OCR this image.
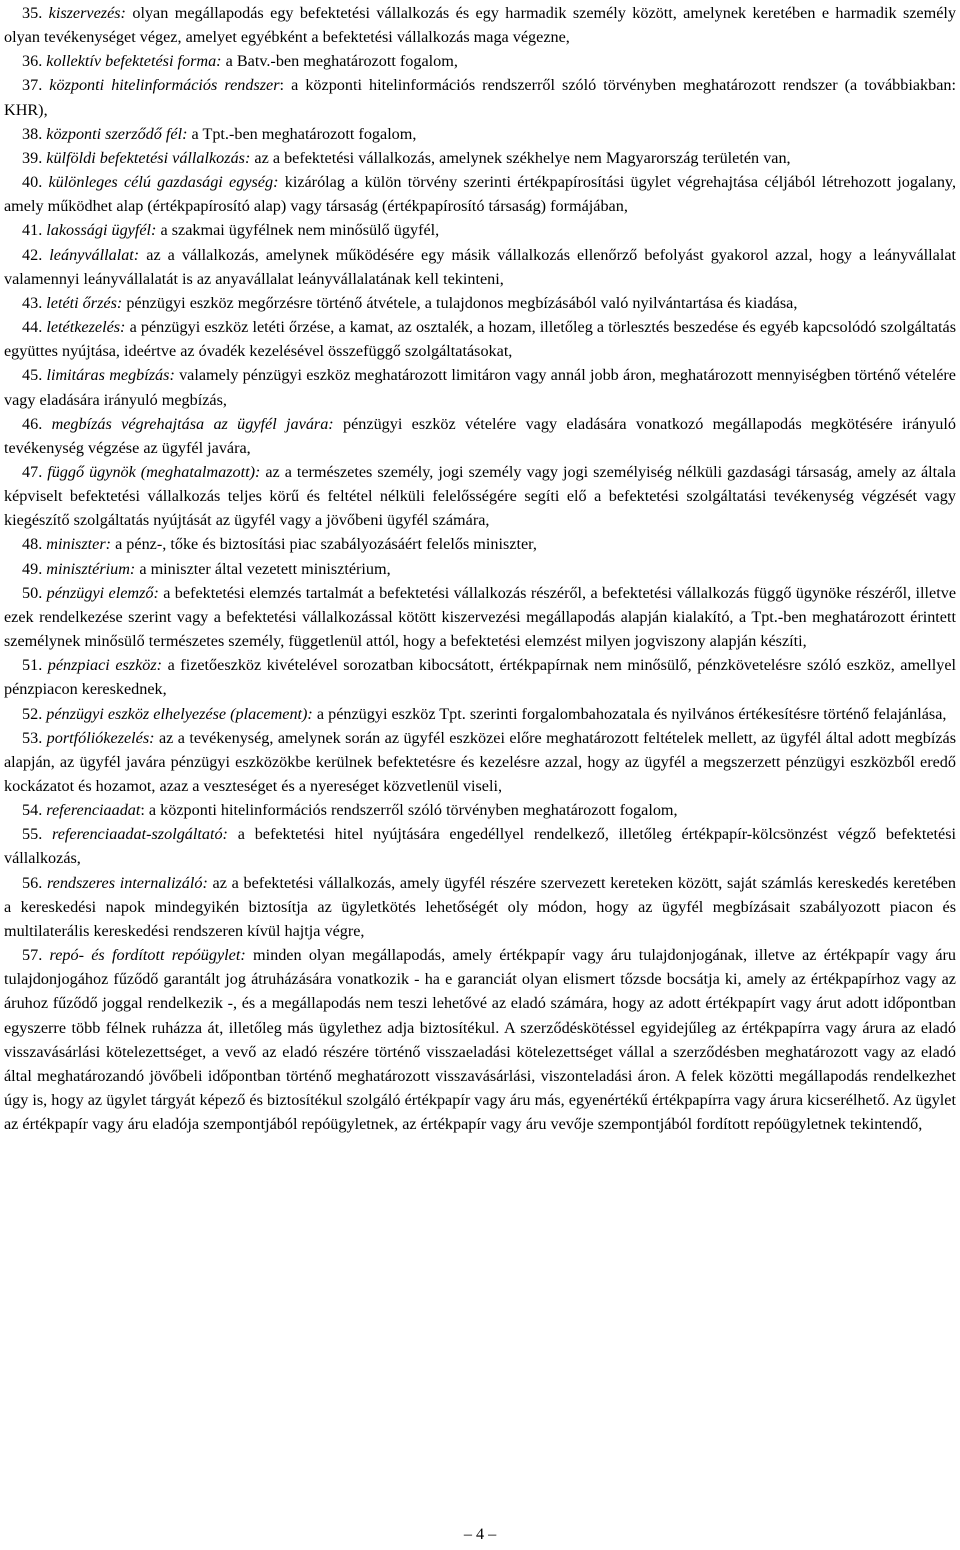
35. kiszervezés: olyan megállapodás egy befektetési vállalkozás és egy harmadik személy között, amelynek keretében e harmadik személy olyan tevékenységet végez, amelyet egyébként a befektetési vállalkozás maga végezne,

36. kollektív befektetési forma: a Batv.-ben meghatározott fogalom,

37. központi hitelinformációs rendszer: a központi hitelinformációs rendszerről szóló törvényben meghatározott rendszer (a továbbiakban: KHR),

38. központi szerződő fél: a Tpt.-ben meghatározott fogalom,

39. külföldi befektetési vállalkozás: az a befektetési vállalkozás, amelynek székhelye nem Magyarország területén van,

40. különleges célú gazdasági egység: kizárólag a külön törvény szerinti értékpapírosítási ügylet végrehajtása céljából létrehozott jogalany, amely működhet alap (értékpapírosító alap) vagy társaság (értékpapírosító társaság) formájában,

41. lakossági ügyfél: a szakmai ügyfélnek nem minősülő ügyfél,

42. leányvállalat: az a vállalkozás, amelynek működésére egy másik vállalkozás ellenőrző befolyást gyakorol azzal, hogy a leányvállalat valamennyi leányvállalatát is az anyavállalat leányvállalatának kell tekinteni,

43. letéti őrzés: pénzügyi eszköz megőrzésre történő átvétele, a tulajdonos megbízásából való nyilvántartása és kiadása,

44. letétkezelés: a pénzügyi eszköz letéti őrzése, a kamat, az osztalék, a hozam, illetőleg a törlesztés beszedése és egyéb kapcsolódó szolgáltatás együttes nyújtása, ideértve az óvadék kezelésével összefüggő szolgáltatásokat,

45. limitáras megbízás: valamely pénzügyi eszköz meghatározott limitáron vagy annál jobb áron, meghatározott mennyiségben történő vételére vagy eladására irányuló megbízás,

46. megbízás végrehajtása az ügyfél javára: pénzügyi eszköz vételére vagy eladására vonatkozó megállapodás megkötésére irányuló tevékenység végzése az ügyfél javára,

47. függő ügynök (meghatalmazott): az a természetes személy, jogi személy vagy jogi személyiség nélküli gazdasági társaság, amely az általa képviselt befektetési vállalkozás teljes körű és feltétel nélküli felelősségére segíti elő a befektetési szolgáltatási tevékenység végzését vagy kiegészítő szolgáltatás nyújtását az ügyfél vagy a jövőbeni ügyfél számára,

48. miniszter: a pénz-, tőke és biztosítási piac szabályozásáért felelős miniszter,

49. minisztérium: a miniszter által vezetett minisztérium,

50. pénzügyi elemző: a befektetési elemzés tartalmát a befektetési vállalkozás részéről, a befektetési vállalkozás függő ügynöke részéről, illetve ezek rendelkezése szerint vagy a befektetési vállalkozással kötött kiszervezési megállapodás alapján kialakító, a Tpt.-ben meghatározott érintett személynek minősülő természetes személy, függetlenül attól, hogy a befektetési elemzést milyen jogviszony alapján készíti,

51. pénzpiaci eszköz: a fizetőeszköz kivételével sorozatban kibocsátott, értékpapírnak nem minősülő, pénzkövetelésre szóló eszköz, amellyel pénzpiacon kereskednek,

52. pénzügyi eszköz elhelyezése (placement): a pénzügyi eszköz Tpt. szerinti forgalombahozatala és nyilvános értékesítésre történő felajánlása,

53. portfóliókezelés: az a tevékenység, amelynek során az ügyfél eszközei előre meghatározott feltételek mellett, az ügyfél által adott megbízás alapján, az ügyfél javára pénzügyi eszközökbe kerülnek befektetésre és kezelésre azzal, hogy az ügyfél a megszerzett pénzügyi eszközből eredő kockázatot és hozamot, azaz a veszteséget és a nyereséget közvetlenül viseli,

54. referenciaadat: a központi hitelinformációs rendszerről szóló törvényben meghatározott fogalom,

55. referenciaadat-szolgáltató: a befektetési hitel nyújtására engedéllyel rendelkező, illetőleg értékpapír-kölcsönzést végző befektetési vállalkozás,

56. rendszeres internalizáló: az a befektetési vállalkozás, amely ügyfél részére szervezett kereteken között, saját számlás kereskedés keretében a kereskedési napok mindegyikén biztosítja az ügyletkötés lehetőségét oly módon, hogy az ügyfél megbízásait szabályozott piacon és multilaterális kereskedési rendszeren kívül hajtja végre,

57. repó- és fordított repóügylet: minden olyan megállapodás, amely értékpapír vagy áru tulajdonjogának, illetve az értékpapír vagy áru tulajdonjogához fűződő garantált jog átruházására vonatkozik - ha e garanciát olyan elismert tőzsde bocsátja ki, amely az értékpapírhoz vagy az áruhoz fűződő joggal rendelkezik -, és a megállapodás nem teszi lehetővé az eladó számára, hogy az adott értékpapírt vagy árut adott időpontban egyszerre több félnek ruházza át, illetőleg más ügylethez adja biztosítékul. A szerződéskötéssel egyidejűleg az értékpapírra vagy árura az eladó visszavásárlási kötelezettséget, a vevő az eladó részére történő visszaeladási kötelezettséget vállal a szerződésben meghatározott vagy az eladó által meghatározandó jövőbeli időpontban történő meghatározott visszavásárlási, viszonteladási áron. A felek közötti megállapodás rendelkezhet úgy is, hogy az ügylet tárgyát képező és biztosítékul szolgáló értékpapír vagy áru más, egyenértékű értékpapírra vagy árura kicserélhető. Az ügylet az értékpapír vagy áru eladója szempontjából repóügyletnek, az értékpapír vagy áru vevője szempontjából fordított repóügyletnek tekintendő,

– 4 –
